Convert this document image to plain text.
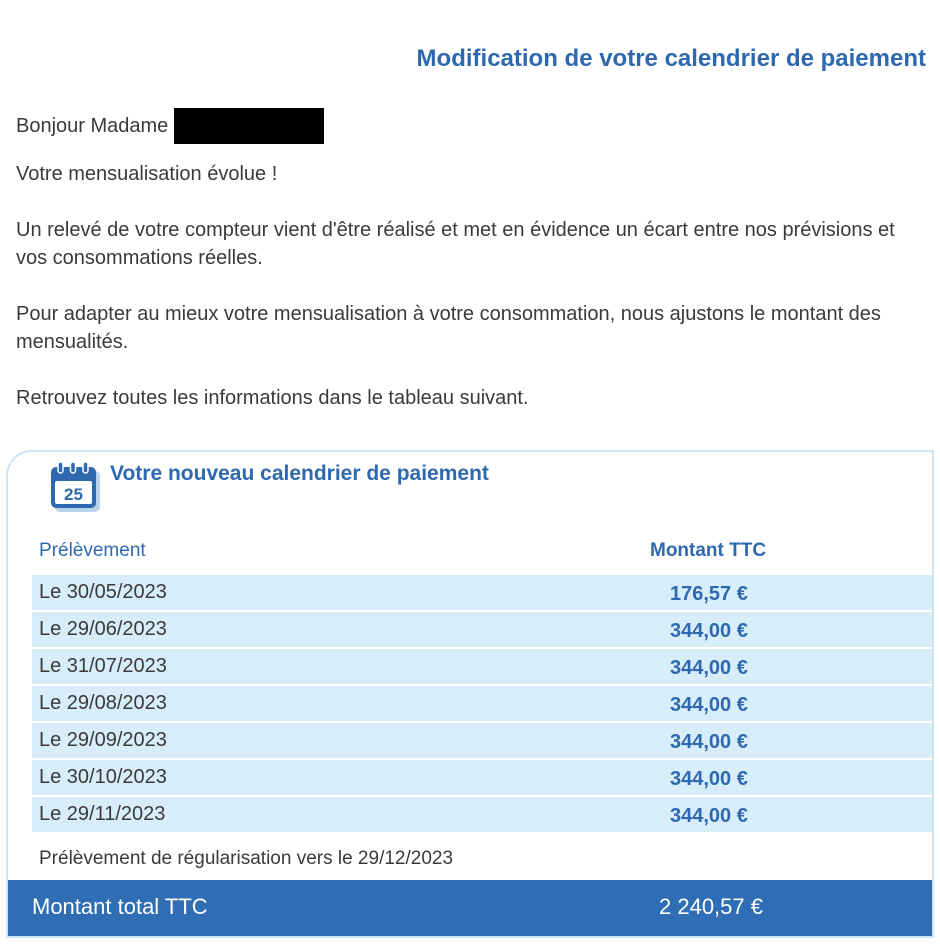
Modification de votre calendrier de paiement
Bonjour Madame

Votre mensualisation évolue !

Un relevé de votre compteur vient d'être réalisé et met en évidence un écart entre nos prévisions et vos consommations réelles.

Pour adapter au mieux votre mensualisation à votre consommation, nous ajustons le montant des mensualités.

Retrouvez toutes les informations dans le tableau suivant.

25
Votre nouveau calendrier de paiement
Prélèvement	Montant TTC
Le 30/05/2023	176,57 €
Le 29/06/2023	344,00 €
Le 31/07/2023	344,00 €
Le 29/08/2023	344,00 €
Le 29/09/2023	344,00 €
Le 30/10/2023	344,00 €
Le 29/11/2023	344,00 €
Prélèvement de régularisation vers le 29/12/2023
Montant total TTC	2 240,57 €
